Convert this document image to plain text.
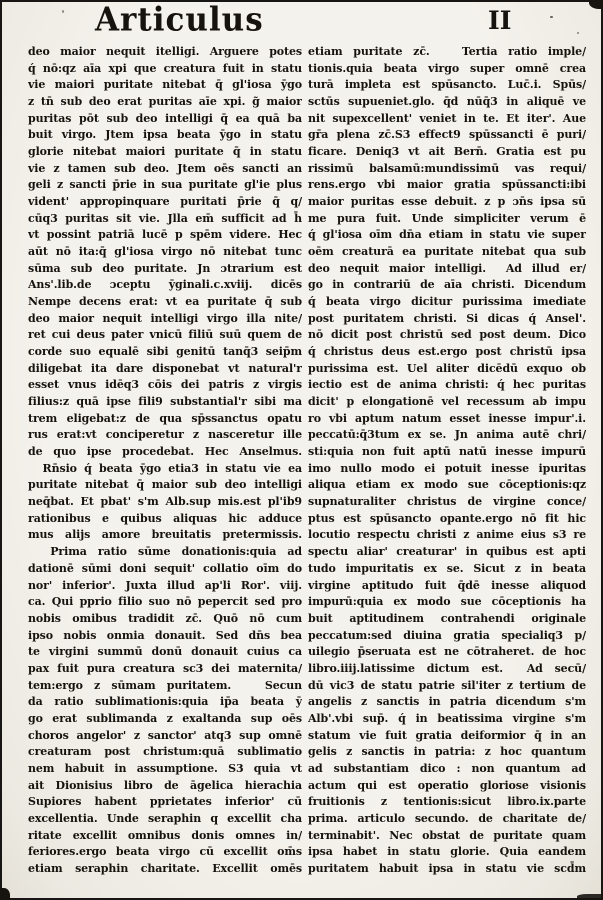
Articulus	II
deo maior nequit itelligi. Arguere potes
q́ nō:qz aīa xpi que creatura fuit in statu
vie maiori puritate nitebat q̄ gl'iosa ȳgo
z tn̄ sub deo erat puritas aīe xpi. g̃ maior
puritas pōt sub deo intelligi q̄ ea quā ba
buit virgo. Jtem ipsa beata ȳgo in statu
glorie nitebat maiori puritate q̄ in statu
vie z tamen sub deo. Jtem oēs sancti an
geli z sancti p̄rie in sua puritate gl'ie plus
vident' appropinquare puritati p̄rie q̄ q/
cūq3 puritas sit vie. Jlla em̄ sufficit ad h̄
vt possint patriā lucē p spēm videre. Hec
aūt nō ita:q̄ gl'iosa virgo nō nitebat tunc
sūma sub deo puritate. Jn ɔtrarium est
Ans'.lib.de ɔceptu ȳginali.c.xviij. dicēs
Nempe decens erat: vt ea puritate q̄ sub
deo maior nequit intelligi virgo illa nite/
ret cui deus pater vnicū filiū suū quem de
corde suo equalē sibi genitū tanq̄3 seip̄m
diligebat ita dare disponebat vt natural'r
esset vnus idēq3 cōis dei patris z virgis
filius:z quā ipse fili9 substantial'r sibi ma
trem eligebat:z de qua sp̄ssanctus opatu
rus erat:vt conciperetur z nasceretur ille
de quo ipse procedebat. Hec Anselmus.
Rn̄sio q́ beata ȳgo etia3 in statu vie ea
puritate nitebat q̄ maior sub deo intelligi
neq̄bat. Et pbat' s'm Alb.sup mis.est pl'ib9
rationibus e quibus aliquas hic adduce
mus alijs amore breuitatis pretermissis.
Prima ratio sūme donationis:quia ad
dationē sūmi doni sequit' collatio oīm do
nor' inferior'. Juxta illud ap'li Ror'. viij.
ca. Qui pprio filio suo nō pepercit sed pro
nobis omibus tradidit zc̄. Quō nō cum
ipso nobis onmia donauit. Sed dn̄s bea
te virgini summū donū donauit cuius ca
pax fuit pura creatura sc3 dei maternita/
tem:ergo z sūmam puritatem.   Secun
da ratio sublimationis:quia ip̄a beata ȳ
go erat sublimanda z exaltanda sup oēs
choros angelor' z sanctor' atq3 sup omnē
creaturam post christum:quā sublimatio
nem habuit in assumptione. S3 quia vt
ait Dionisius libro de āgelica hierachia
Supiores habent pprietates inferior' cū
excellentia. Unde seraphin q excellit cha
ritate excellit omnibus donis omnes in/
feriores.ergo beata virgo cū excellit om̄s
etiam seraphin charitate. Excellit omēs
etiam puritate zc̄.   Tertia ratio imple/
tionis.quia beata virgo super omnē crea
turā impleta est spūsancto. Luc̄.i. Spūs/
sctūs supueniet.glo. q̄d nūq̄3 in aliquē ve
nit supexcellent' veniet in te. Et iter'. Aue
gr̄a plena zc̄.S3 effect9 spūssancti ē puri/
ficare. Deniq3 vt ait Bern̄. Gratia est pu
rissimū balsamū:mundissimū vas requi/
rens.ergo vbi maior gratia spūssancti:ibi
maior puritas esse debuit. z p ɔn̄s ipsa sū
me pura fuit. Unde simpliciter verum ē
q́ gl'iosa oīm dn̄a etiam in statu vie super
oēm creaturā ea puritate nitebat qua sub
deo nequit maior intelligi.  Ad illud er/
go in contrariū de aīa christi. Dicendum
q́ beata virgo dicitur purissima imediate
post puritatem christi. Si dicas q́ Ansel'.
nō dicit post christū sed post deum. Dico
q́ christus deus est.ergo post christū ipsa
purissima est. Uel aliter dicēdū exquo ob
iectio est de anima christi: q́ hec puritas
dicit' p elongationē vel recessum ab impu
ro vbi aptum natum esset inesse impur'.i.
peccatū:q̄3tum ex se. Jn anima autē chri/
sti:quia non fuit aptū natū inesse impurū
imo nullo modo ei potuit inesse ipuritas
aliqua etiam ex modo sue cōceptionis:qz
supnaturaliter christus de virgine conce/
ptus est spūsancto opante.ergo nō fit hic
locutio respectu christi z anime eius s3 re
spectu aliar' creaturar' in quibus est apti
tudo impuritatis ex se. Sicut z in beata
virgine aptitudo fuit q̄dē inesse aliquod
impurū:quia ex modo sue cōceptionis ha
buit aptitudinem contrahendi originale
peccatum:sed diuina gratia specialiq3 p/
uilegio p̄seruata est ne cōtraheret. de hoc
libro.iiij.latissime dictum est.  Ad secū/
dū vic3 de statu patrie sil'iter z tertium de
angelis z sanctis in patria dicendum s'm
Alb'.vbi sup̄. q́ in beatissima virgine s'm
statum vie fuit gratia deiformior q̄ in an
gelis z sanctis in patria: z hoc quantum
ad substantiam dico : non quantum ad
actum qui est operatio gloriose visionis
fruitionis z tentionis:sicut libro.ix.parte
prima. articulo secundo. de charitate de/
terminabit'. Nec obstat de puritate quam
ipsa habet in statu glorie. Quia eandem
puritatem habuit ipsa in statu vie scd̄m
